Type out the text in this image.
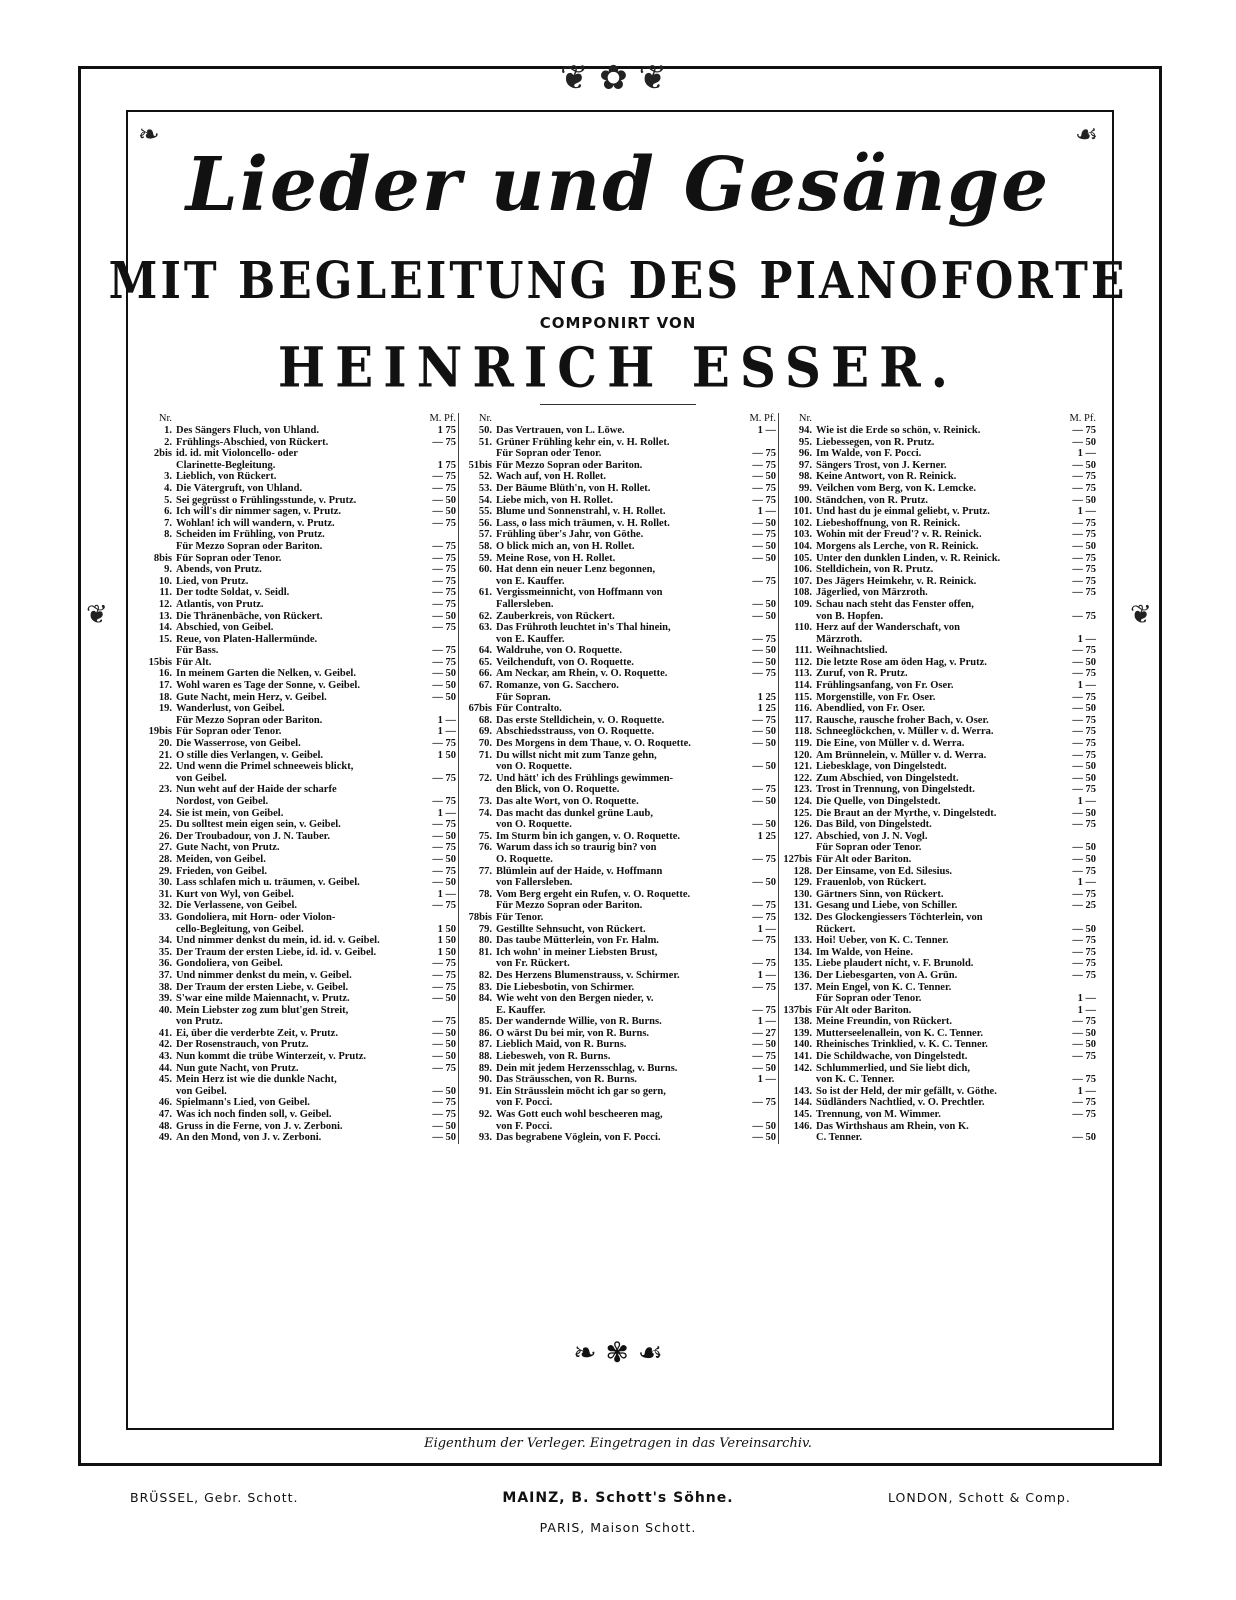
❦ ✿ ❦
❧	☙
❦	❦
Lieder und Gesänge
MIT BEGLEITUNG DES PIANOFORTE
COMPONIRT VON
HEINRICH ESSER.
Nr.	M. Pf.
1. Des Sängers Fluch, von Uhland.	1 75
2. Frühlings-Abschied, von Rückert.	— 75
2bis id. id. mit Violoncello- oder
Clarinette-Begleitung.	1 75
3. Lieblich, von Rückert.	— 75
4. Die Vätergruft, von Uhland.	— 75
5. Sei gegrüsst o Frühlingsstunde, v. Prutz.	— 50
6. Ich will's dir nimmer sagen, v. Prutz.	— 50
7. Wohlan! ich will wandern, v. Prutz.	— 75
8. Scheiden im Frühling, von Prutz.
Für Mezzo Sopran oder Bariton.	— 75
8bis Für Sopran oder Tenor.	— 75
9. Abends, von Prutz.	— 75
10. Lied, von Prutz.	— 75
11. Der todte Soldat, v. Seidl.	— 75
12. Atlantis, von Prutz.	— 75
13. Die Thränenbäche, von Rückert.	— 50
14. Abschied, von Geibel.	— 75
15. Reue, von Platen-Hallermünde.
Für Bass.	— 75
15bis Für Alt.	— 75
16. In meinem Garten die Nelken, v. Geibel.	— 50
17. Wohl waren es Tage der Sonne, v. Geibel.	— 50
18. Gute Nacht, mein Herz, v. Geibel.	— 50
19. Wanderlust, von Geibel.
Für Mezzo Sopran oder Bariton.	1 —
19bis Für Sopran oder Tenor.	1 —
20. Die Wasserrose, von Geibel.	— 75
21. O stille dies Verlangen, v. Geibel.	1 50
22. Und wenn die Primel schneeweis blickt,
von Geibel.	— 75
23. Nun weht auf der Haide der scharfe
Nordost, von Geibel.	— 75
24. Sie ist mein, von Geibel.	1 —
25. Du solltest mein eigen sein, v. Geibel.	— 75
26. Der Troubadour, von J. N. Tauber.	— 50
27. Gute Nacht, von Prutz.	— 75
28. Meiden, von Geibel.	— 50
29. Frieden, von Geibel.	— 75
30. Lass schlafen mich u. träumen, v. Geibel.	— 50
31. Kurt von Wyl, von Geibel.	1 —
32. Die Verlassene, von Geibel.	— 75
33. Gondoliera, mit Horn- oder Violon-
cello-Begleitung, von Geibel.	1 50
34. Und nimmer denkst du mein, id. id. v. Geibel.	1 50
35. Der Traum der ersten Liebe, id. id. v. Geibel.	1 50
36. Gondoliera, von Geibel.	— 75
37. Und nimmer denkst du mein, v. Geibel.	— 75
38. Der Traum der ersten Liebe, v. Geibel.	— 75
39. S'war eine milde Maiennacht, v. Prutz.	— 50
40. Mein Liebster zog zum blut'gen Streit,
von Prutz.	— 75
41. Ei, über die verderbte Zeit, v. Prutz.	— 50
42. Der Rosenstrauch, von Prutz.	— 50
43. Nun kommt die trübe Winterzeit, v. Prutz.	— 50
44. Nun gute Nacht, von Prutz.	— 75
45. Mein Herz ist wie die dunkle Nacht,
von Geibel.	— 50
46. Spielmann's Lied, von Geibel.	— 75
47. Was ich noch finden soll, v. Geibel.	— 75
48. Gruss in die Ferne, von J. v. Zerboni.	— 50
49. An den Mond, von J. v. Zerboni.	— 50
Nr.	M. Pf.
50. Das Vertrauen, von L. Löwe.	1 —
51. Grüner Frühling kehr ein, v. H. Rollet.
Für Sopran oder Tenor.	— 75
51bis Für Mezzo Sopran oder Bariton.	— 75
52. Wach auf, von H. Rollet.	— 50
53. Der Bäume Blüth'n, von H. Rollet.	— 75
54. Liebe mich, von H. Rollet.	— 75
55. Blume und Sonnenstrahl, v. H. Rollet.	1 —
56. Lass, o lass mich träumen, v. H. Rollet.	— 50
57. Frühling über's Jahr, von Göthe.	— 75
58. O blick mich an, von H. Rollet.	— 50
59. Meine Rose, von H. Rollet.	— 50
60. Hat denn ein neuer Lenz begonnen,
von E. Kauffer.	— 75
61. Vergissmeinnicht, von Hoffmann von
Fallersleben.	— 50
62. Zauberkreis, von Rückert.	— 50
63. Das Frühroth leuchtet in's Thal hinein,
von E. Kauffer.	— 75
64. Waldruhe, von O. Roquette.	— 50
65. Veilchenduft, von O. Roquette.	— 50
66. Am Neckar, am Rhein, v. O. Roquette.	— 75
67. Romanze, von G. Sacchero.
Für Sopran.	1 25
67bis Für Contralto.	1 25
68. Das erste Stelldichein, v. O. Roquette.	— 75
69. Abschiedsstrauss, von O. Roquette.	— 50
70. Des Morgens in dem Thaue, v. O. Roquette.	— 50
71. Du willst nicht mit zum Tanze gehn,
von O. Roquette.	— 50
72. Und hätt' ich des Frühlings gewimmen-
den Blick, von O. Roquette.	— 75
73. Das alte Wort, von O. Roquette.	— 50
74. Das macht das dunkel grüne Laub,
von O. Roquette.	— 50
75. Im Sturm bin ich gangen, v. O. Roquette.	1 25
76. Warum dass ich so traurig bin? von
O. Roquette.	— 75
77. Blümlein auf der Haide, v. Hoffmann
von Fallersleben.	— 50
78. Vom Berg ergeht ein Rufen, v. O. Roquette.
Für Mezzo Sopran oder Bariton.	— 75
78bis Für Tenor.	— 75
79. Gestillte Sehnsucht, von Rückert.	1 —
80. Das taube Mütterlein, von Fr. Halm.	— 75
81. Ich wohn' in meiner Liebsten Brust,
von Fr. Rückert.	— 75
82. Des Herzens Blumenstrauss, v. Schirmer.	1 —
83. Die Liebesbotin, von Schirmer.	— 75
84. Wie weht von den Bergen nieder, v.
E. Kauffer.	— 75
85. Der wandernde Willie, von R. Burns.	1 —
86. O wärst Du bei mir, von R. Burns.	— 27
87. Lieblich Maid, von R. Burns.	— 50
88. Liebesweh, von R. Burns.	— 75
89. Dein mit jedem Herzensschlag, v. Burns.	— 50
90. Das Sträusschen, von R. Burns.	1 —
91. Ein Sträusslein möcht ich gar so gern,
von F. Pocci.	— 75
92. Was Gott euch wohl bescheeren mag,
von F. Pocci.	— 50
93. Das begrabene Vöglein, von F. Pocci.	— 50
Nr.	M. Pf.
94. Wie ist die Erde so schön, v. Reinick.	— 75
95. Liebessegen, von R. Prutz.	— 50
96. Im Walde, von F. Pocci.	1 —
97. Sängers Trost, von J. Kerner.	— 50
98. Keine Antwort, von R. Reinick.	— 75
99. Veilchen vom Berg, von K. Lemcke.	— 75
100. Ständchen, von R. Prutz.	— 50
101. Und hast du je einmal geliebt, v. Prutz.	1 —
102. Liebeshoffnung, von R. Reinick.	— 75
103. Wohin mit der Freud'? v. R. Reinick.	— 75
104. Morgens als Lerche, von R. Reinick.	— 50
105. Unter den dunklen Linden, v. R. Reinick.	— 75
106. Stelldichein, von R. Prutz.	— 75
107. Des Jägers Heimkehr, v. R. Reinick.	— 75
108. Jägerlied, von Märzroth.	— 75
109. Schau nach steht das Fenster offen,
von B. Hopfen.	— 75
110. Herz auf der Wanderschaft, von
Märzroth.	1 —
111. Weihnachtslied.	— 75
112. Die letzte Rose am öden Hag, v. Prutz.	— 50
113. Zuruf, von R. Prutz.	— 75
114. Frühlingsanfang, von Fr. Oser.	1 —
115. Morgenstille, von Fr. Oser.	— 75
116. Abendlied, von Fr. Oser.	— 50
117. Rausche, rausche froher Bach, v. Oser.	— 75
118. Schneeglöckchen, v. Müller v. d. Werra.	— 75
119. Die Eine, von Müller v. d. Werra.	— 75
120. Am Brünnelein, v. Müller v. d. Werra.	— 75
121. Liebesklage, von Dingelstedt.	— 50
122. Zum Abschied, von Dingelstedt.	— 50
123. Trost in Trennung, von Dingelstedt.	— 75
124. Die Quelle, von Dingelstedt.	1 —
125. Die Braut an der Myrthe, v. Dingelstedt.	— 50
126. Das Bild, von Dingelstedt.	— 75
127. Abschied, von J. N. Vogl.
Für Sopran oder Tenor.	— 50
127bis Für Alt oder Bariton.	— 50
128. Der Einsame, von Ed. Silesius.	— 75
129. Frauenlob, von Rückert.	1 —
130. Gärtners Sinn, von Rückert.	— 75
131. Gesang und Liebe, von Schiller.	— 25
132. Des Glockengiessers Töchterlein, von
Rückert.	— 50
133. Hoi! Ueber, von K. C. Tenner.	— 75
134. Im Walde, von Heine.	— 75
135. Liebe plaudert nicht, v. F. Brunold.	— 75
136. Der Liebesgarten, von A. Grün.	— 75
137. Mein Engel, von K. C. Tenner.
Für Sopran oder Tenor.	1 —
137bis Für Alt oder Bariton.	1 —
138. Meine Freundin, von Rückert.	— 75
139. Mutterseelenallein, von K. C. Tenner.	— 50
140. Rheinisches Trinklied, v. K. C. Tenner.	— 50
141. Die Schildwache, von Dingelstedt.	— 75
142. Schlummerlied, und Sie liebt dich,
von K. C. Tenner.	— 75
143. So ist der Held, der mir gefällt, v. Göthe.	1 —
144. Südländers Nachtlied, v. O. Prechtler.	— 75
145. Trennung, von M. Wimmer.	— 75
146. Das Wirthshaus am Rhein, von K.
C. Tenner.	— 50
❧ ✾ ☙
Eigenthum der Verleger. Eingetragen in das Vereinsarchiv.
BRÜSSEL, Gebr. Schott.	MAINZ, B. Schott's Söhne.	LONDON, Schott & Comp.
PARIS, Maison Schott.
